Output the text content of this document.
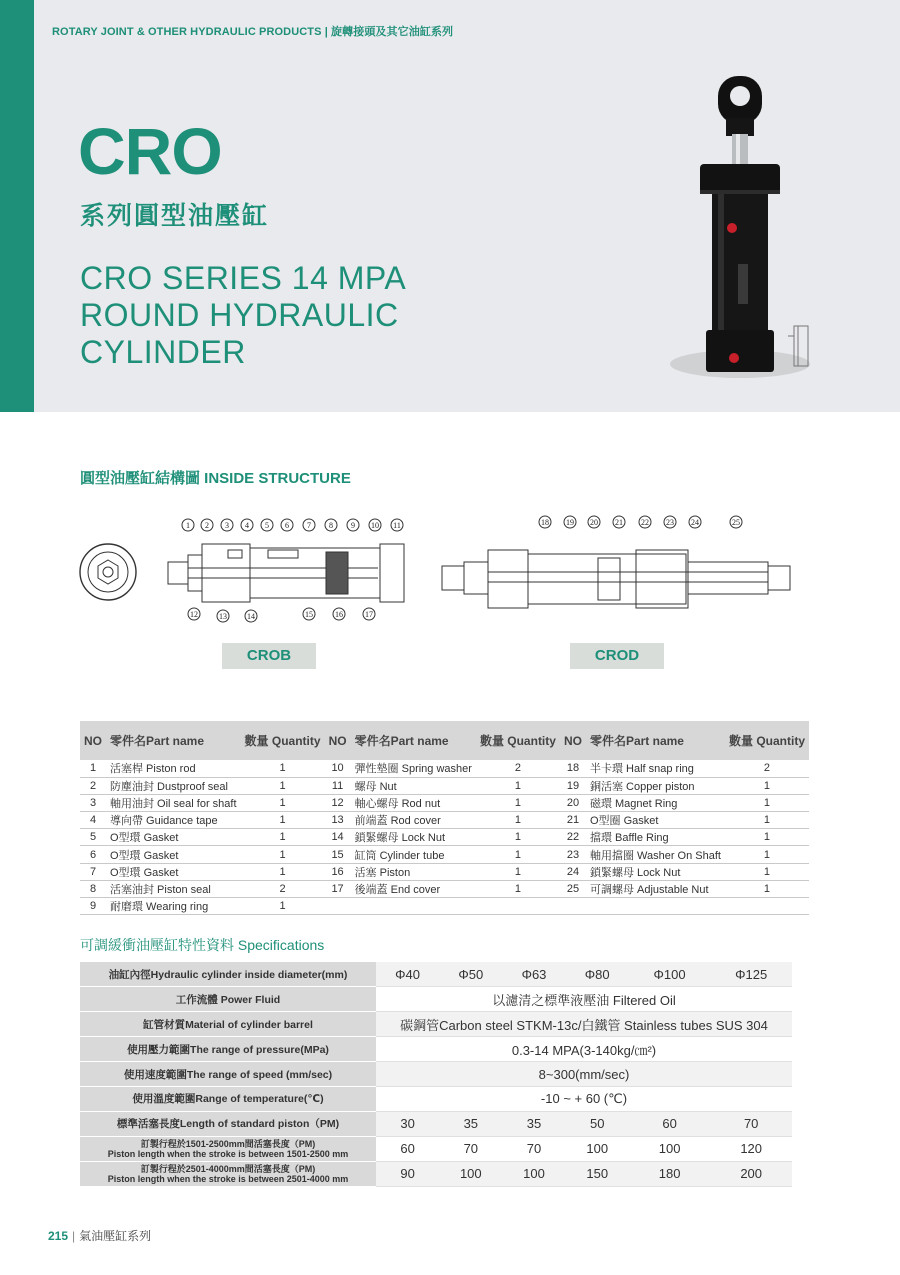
ROTARY JOINT & OTHER HYDRAULIC PRODUCTS | 旋轉接頭及其它油缸系列
CRO
系列圓型油壓缸
CRO SERIES 14 MPA
ROUND HYDRAULIC
CYLINDER
圓型油壓缸結構圖 INSIDE STRUCTURE
1 2 3 4 5 6 7 8 9 10 11
12	13	14	15	16	17
18 19 20 21 22 23 24	25
CROB	CROD
NO	零件名Part name	數量 Quantity	NO	零件名Part name	數量 Quantity	NO	零件名Part name	數量 Quantity
1	活塞桿 Piston rod	1	10	彈性墊圈 Spring washer	2	18	半卡環 Half snap ring	2
2	防塵油封 Dustproof seal	1	11	螺母 Nut	1	19	銅活塞 Copper piston	1
3	軸用油封 Oil seal for shaft	1	12	軸心螺母 Rod nut	1	20	磁環 Magnet Ring	1
4	導向帶 Guidance tape	1	13	前端蓋 Rod cover	1	21	O型圈 Gasket	1
5	O型環 Gasket	1	14	鎖緊螺母 Lock Nut	1	22	擋環 Baffle Ring	1
6	O型環 Gasket	1	15	缸筒 Cylinder tube	1	23	軸用擋圈 Washer On Shaft	1
7	O型環 Gasket	1	16	活塞 Piston	1	24	鎖緊螺母 Lock Nut	1
8	活塞油封 Piston seal	2	17	後端蓋 End cover	1	25	可調螺母 Adjustable Nut	1
9	耐磨環 Wearing ring	1						
可調緩衝油壓缸特性資料 Specifications
油缸內徑Hydraulic cylinder inside diameter(mm)	Φ40	Φ50	Φ63	Φ80	Φ100	Φ125
工作流體 Power Fluid	以濾清之標準液壓油 Filtered Oil					
缸管材質Material of cylinder barrel	碳鋼管Carbon steel STKM-13c/白鐵管 Stainless tubes SUS 304					
使用壓力範圍The range of pressure(MPa)	0.3-14 MPA(3-140kg/㎝²)					
使用速度範圍The range of speed (mm/sec)	8~300(mm/sec)					
使用溫度範圍Range of temperature(℃)	-10 ~ + 60 (℃)					
標準活塞長度Length of standard piston（PM)	30	35	35	50	60	70

訂製行程於1501-2500mm間活塞長度（PM)
Piston length when the stroke is between 1501-2500 mm	60	70	70	100	100	120

訂製行程於2501-4000mm間活塞長度（PM)
Piston length when the stroke is between 2501-4000 mm	90	100	100	150	180	200
215 | 氣油壓缸系列
